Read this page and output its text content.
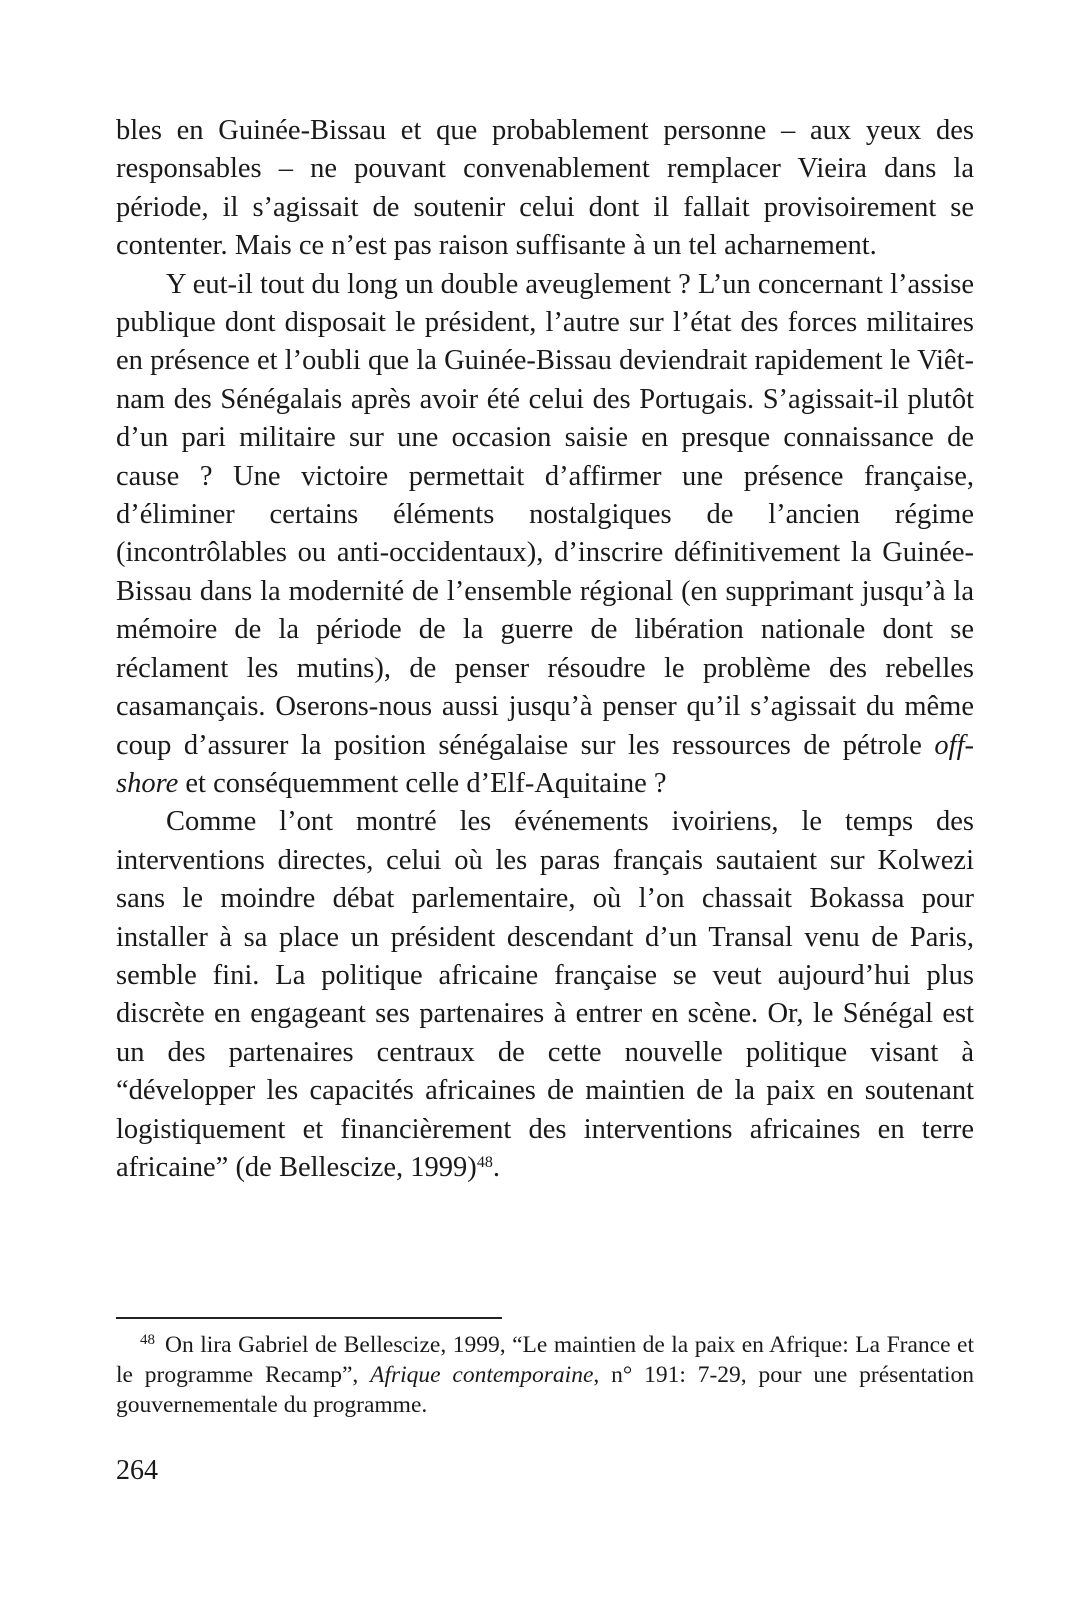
bles en Guinée-Bissau et que probablement personne – aux yeux des responsables – ne pouvant convenablement remplacer Vieira dans la période, il s’agissait de soutenir celui dont il fallait provisoirement se contenter. Mais ce n’est pas raison suffisante à un tel acharnement.

Y eut-il tout du long un double aveuglement ? L’un concernant l’assise publique dont disposait le président, l’autre sur l’état des forces militaires en présence et l’oubli que la Guinée-Bissau deviendrait rapidement le Viêt-nam des Sénégalais après avoir été celui des Portugais. S’agissait-il plutôt d’un pari militaire sur une occasion saisie en presque connaissance de cause ? Une victoire permettait d’affirmer une présence française, d’éliminer certains éléments nostalgiques de l’ancien régime (incontrôlables ou anti-occidentaux), d’inscrire définitivement la Guinée-Bissau dans la modernité de l’ensemble régional (en supprimant jusqu’à la mémoire de la période de la guerre de libération nationale dont se réclament les mutins), de penser résoudre le problème des rebelles casamançais. Oserons-nous aussi jusqu’à penser qu’il s’agissait du même coup d’assurer la position sénégalaise sur les ressources de pétrole off-shore et conséquemment celle d’Elf-Aquitaine ?

Comme l’ont montré les événements ivoiriens, le temps des interventions directes, celui où les paras français sautaient sur Kolwezi sans le moindre débat parlementaire, où l’on chassait Bokassa pour installer à sa place un président descendant d’un Transal venu de Paris, semble fini. La politique africaine française se veut aujourd’hui plus discrète en engageant ses partenaires à entrer en scène. Or, le Sénégal est un des partenaires centraux de cette nouvelle politique visant à “développer les capacités africaines de maintien de la paix en soutenant logistiquement et financièrement des interventions africaines en terre africaine” (de Bellescize, 1999)$^{48}$.

48 On lira Gabriel de Bellescize, 1999, “Le maintien de la paix en Afrique: La France et le programme Recamp”, Afrique contemporaine, n° 191: 7-29, pour une présentation gouvernementale du programme.

264
